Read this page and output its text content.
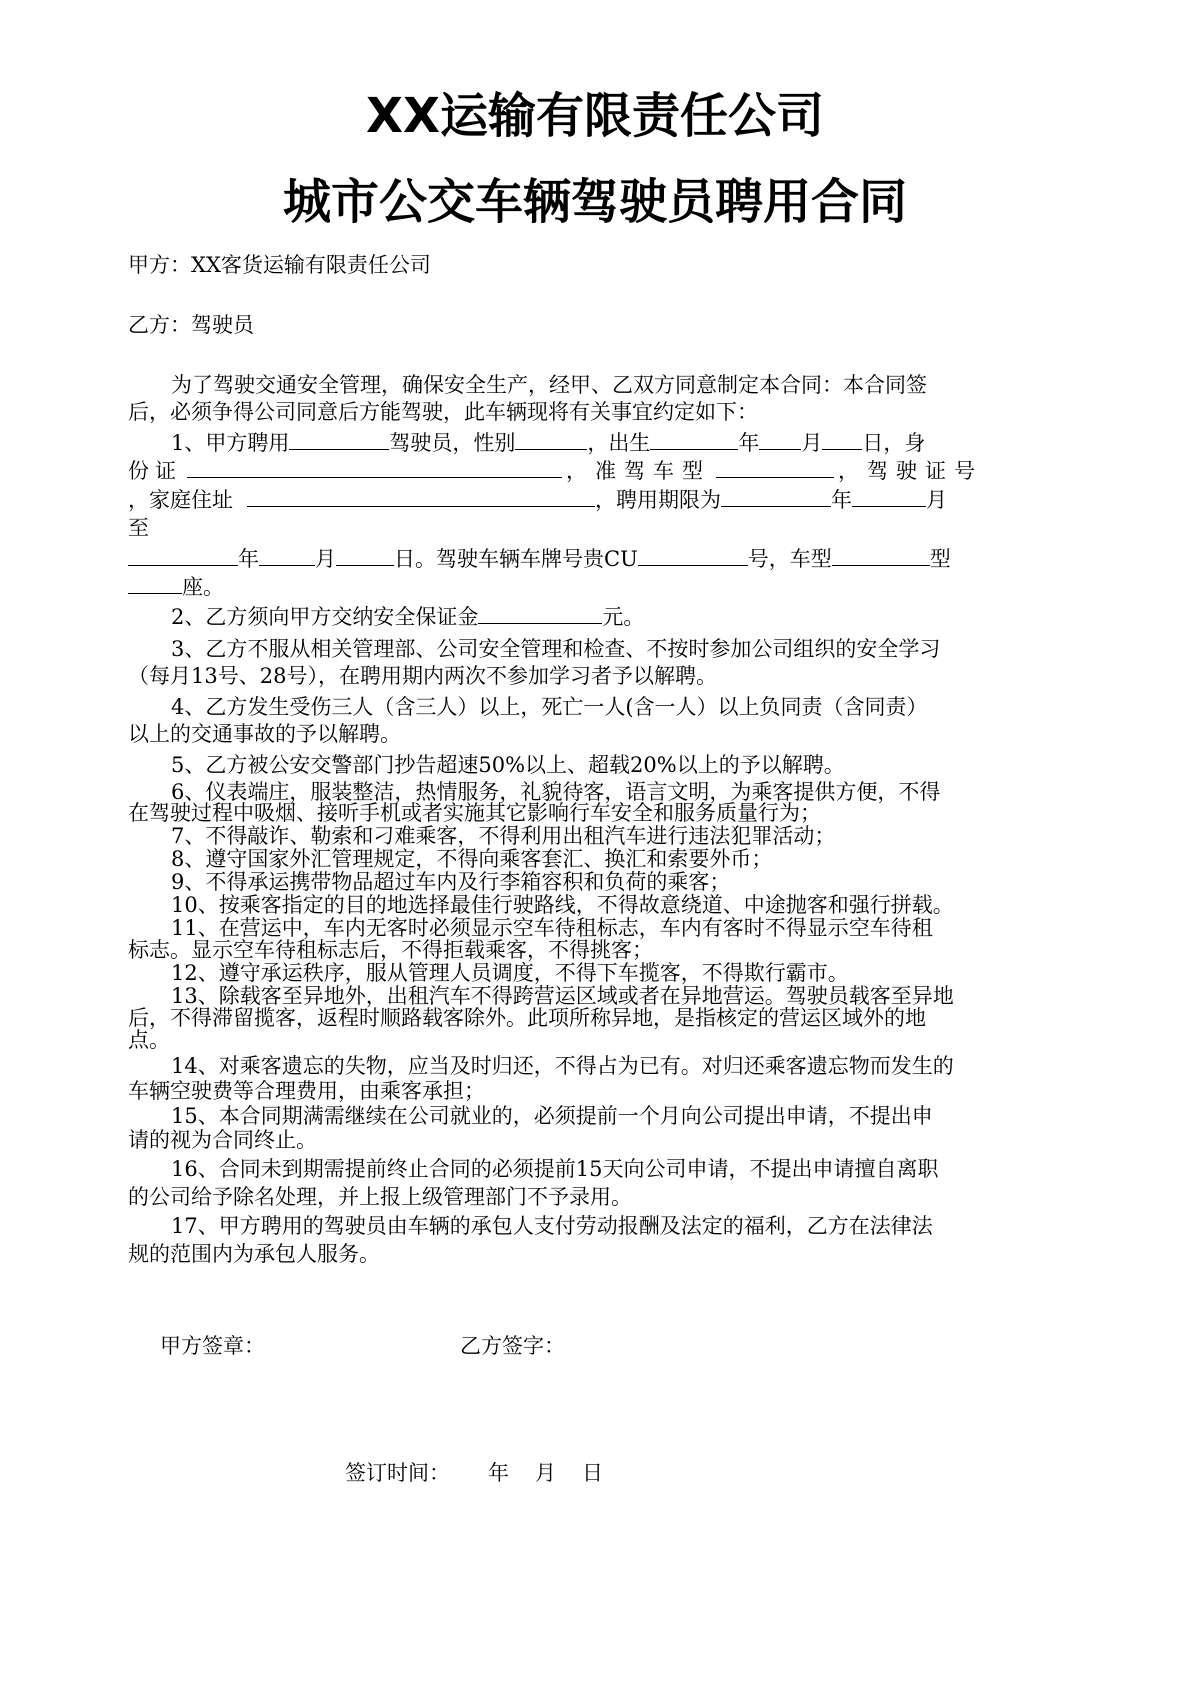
XX运输有限责任公司
城市公交车辆驾驶员聘用合同
甲方：XX客货运输有限责任公司
乙方：驾驶员
为了驾驶交通安全管理，确保安全生产，经甲、乙双方同意制定本合同：本合同签
后，必须争得公司同意后方能驾驶，此车辆现将有关事宜约定如下：
1、甲方聘用	驾驶员，性别	，出生	年 月 日，身
份证	，准驾车型	，驾驶证号
，家庭住址	，聘用期限为	年	月
至
年	月	日。驾驶车辆车牌号贵CU	号，车型	型
座。
2、乙方须向甲方交纳安全保证金	元。
3、乙方不服从相关管理部、公司安全管理和检查、不按时参加公司组织的安全学习
（每月13号、28号），在聘用期内两次不参加学习者予以解聘。
4、乙方发生受伤三人（含三人）以上，死亡一人(含一人）以上负同责（含同责）
以上的交通事故的予以解聘。
5、乙方被公安交警部门抄告超速50%以上、超载20%以上的予以解聘。
6、仪表端庄，服装整洁，热情服务，礼貌待客，语言文明，为乘客提供方便，不得
在驾驶过程中吸烟、接听手机或者实施其它影响行车安全和服务质量行为；
7、不得敲诈、勒索和刁难乘客，不得利用出租汽车进行违法犯罪活动；
8、遵守国家外汇管理规定，不得向乘客套汇、换汇和索要外币；
9、不得承运携带物品超过车内及行李箱容积和负荷的乘客；
10、按乘客指定的目的地选择最佳行驶路线，不得故意绕道、中途抛客和强行拼载。
11、在营运中，车内无客时必须显示空车待租标志，车内有客时不得显示空车待租
标志。显示空车待租标志后，不得拒载乘客，不得挑客；
12、遵守承运秩序，服从管理人员调度，不得下车揽客，不得欺行霸市。
13、除载客至异地外，出租汽车不得跨营运区域或者在异地营运。驾驶员载客至异地
后，不得滞留揽客，返程时顺路载客除外。此项所称异地，是指核定的营运区域外的地
点。
14、对乘客遗忘的失物，应当及时归还，不得占为已有。对归还乘客遗忘物而发生的
车辆空驶费等合理费用，由乘客承担；
15、本合同期满需继续在公司就业的，必须提前一个月向公司提出申请，不提出申
请的视为合同终止。
16、合同未到期需提前终止合同的必须提前15天向公司申请，不提出申请擅自离职
的公司给予除名处理，并上报上级管理部门不予录用。
17、甲方聘用的驾驶员由车辆的承包人支付劳动报酬及法定的福利，乙方在法律法
规的范围内为承包人服务。
甲方签章：	乙方签字：
签订时间： 年 月 日
